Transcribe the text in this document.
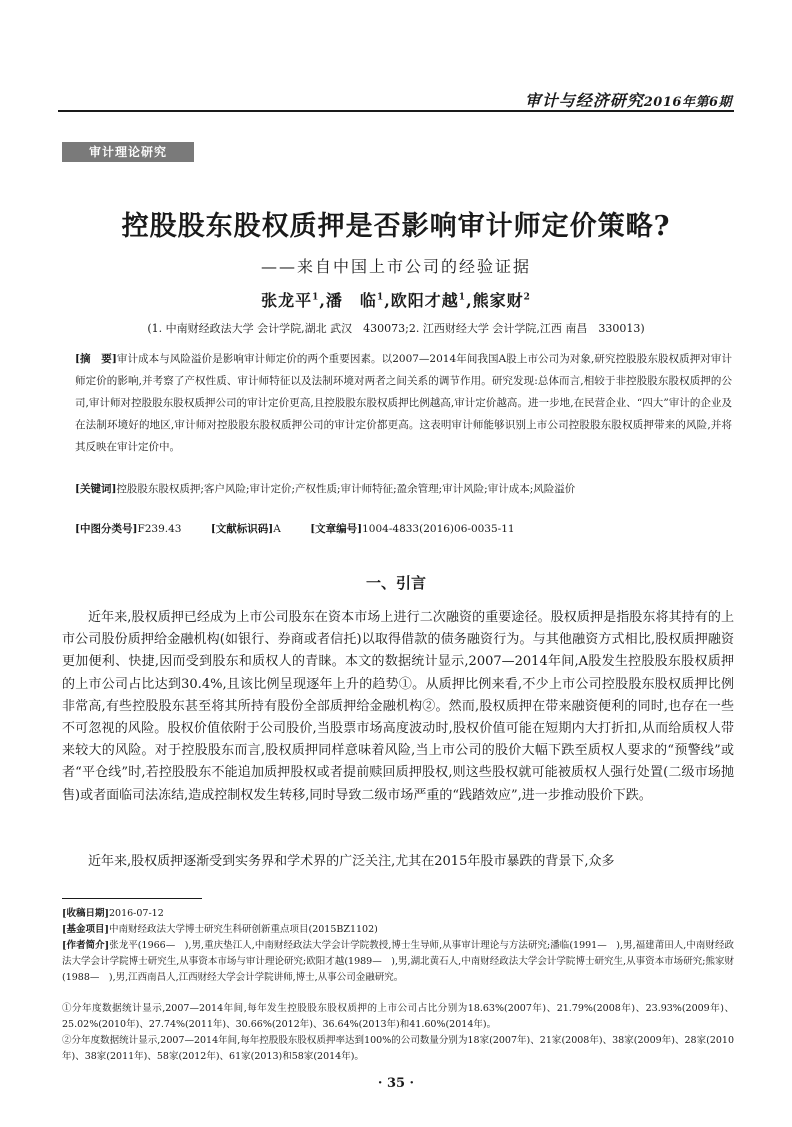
审计与经济研究2016年第6期
审计理论研究
控股股东股权质押是否影响审计师定价策略?
——来自中国上市公司的经验证据
张龙平$^1$,潘　临$^1$,欧阳才越$^1$,熊家财$^2$
(1. 中南财经政法大学 会计学院,湖北 武汉　430073;2. 江西财经大学 会计学院,江西 南昌　330013)
[摘　要]审计成本与风险溢价是影响审计师定价的两个重要因素。以2007—2014年间我国A股上市公司为对象,研究控股股东股权质押对审计师定价的影响,并考察了产权性质、审计师特征以及法制环境对两者之间关系的调节作用。研究发现:总体而言,相较于非控股股东股权质押的公司,审计师对控股股东股权质押公司的审计定价更高,且控股股东股权质押比例越高,审计定价越高。进一步地,在民营企业、“四大”审计的企业及在法制环境好的地区,审计师对控股股东股权质押公司的审计定价都更高。这表明审计师能够识别上市公司控股股东股权质押带来的风险,并将其反映在审计定价中。
[关键词]控股股东股权质押;客户风险;审计定价;产权性质;审计师特征;盈余管理;审计风险;审计成本;风险溢价
[中图分类号]F239.43	[文献标识码]A	[文章编号]1004-4833(2016)06-0035-11
一、引言
近年来,股权质押已经成为上市公司股东在资本市场上进行二次融资的重要途径。股权质押是指股东将其持有的上市公司股份质押给金融机构(如银行、券商或者信托)以取得借款的债务融资行为。与其他融资方式相比,股权质押融资更加便利、快捷,因而受到股东和质权人的青睐。本文的数据统计显示,2007—2014年间,A股发生控股股东股权质押的上市公司占比达到30.4%,且该比例呈现逐年上升的趋势①。从质押比例来看,不少上市公司控股股东股权质押比例非常高,有些控股股东甚至将其所持有股份全部质押给金融机构②。然而,股权质押在带来融资便利的同时,也存在一些不可忽视的风险。股权价值依附于公司股价,当股票市场高度波动时,股权价值可能在短期内大打折扣,从而给质权人带来较大的风险。对于控股股东而言,股权质押同样意味着风险,当上市公司的股价大幅下跌至质权人要求的“预警线”或者“平仓线”时,若控股股东不能追加质押股权或者提前赎回质押股权,则这些股权就可能被质权人强行处置(二级市场抛售)或者面临司法冻结,造成控制权发生转移,同时导致二级市场严重的“践踏效应”,进一步推动股价下跌。
近年来,股权质押逐渐受到实务界和学术界的广泛关注,尤其在2015年股市暴跌的背景下,众多
[收稿日期]2016-07-12
[基金项目]中南财经政法大学博士研究生科研创新重点项目(2015BZ1102)
[作者简介]张龙平(1966—　),男,重庆垫江人,中南财经政法大学会计学院教授,博士生导师,从事审计理论与方法研究;潘临(1991—　),男,福建莆田人,中南财经政法大学会计学院博士研究生,从事资本市场与审计理论研究;欧阳才越(1989—　),男,湖北黄石人,中南财经政法大学会计学院博士研究生,从事资本市场研究;熊家财(1988—　),男,江西南昌人,江西财经大学会计学院讲师,博士,从事公司金融研究。
①分年度数据统计显示,2007—2014年间,每年发生控股股东股权质押的上市公司占比分别为18.63%(2007年)、21.79%(2008年)、23.93%(2009年)、25.02%(2010年)、27.74%(2011年)、30.66%(2012年)、36.64%(2013年)和41.60%(2014年)。
②分年度数据统计显示,2007—2014年间,每年控股股东股权质押率达到100%的公司数量分别为18家(2007年)、21家(2008年)、38家(2009年)、28家(2010年)、38家(2011年)、58家(2012年)、61家(2013)和58家(2014年)。
· 35 ·
